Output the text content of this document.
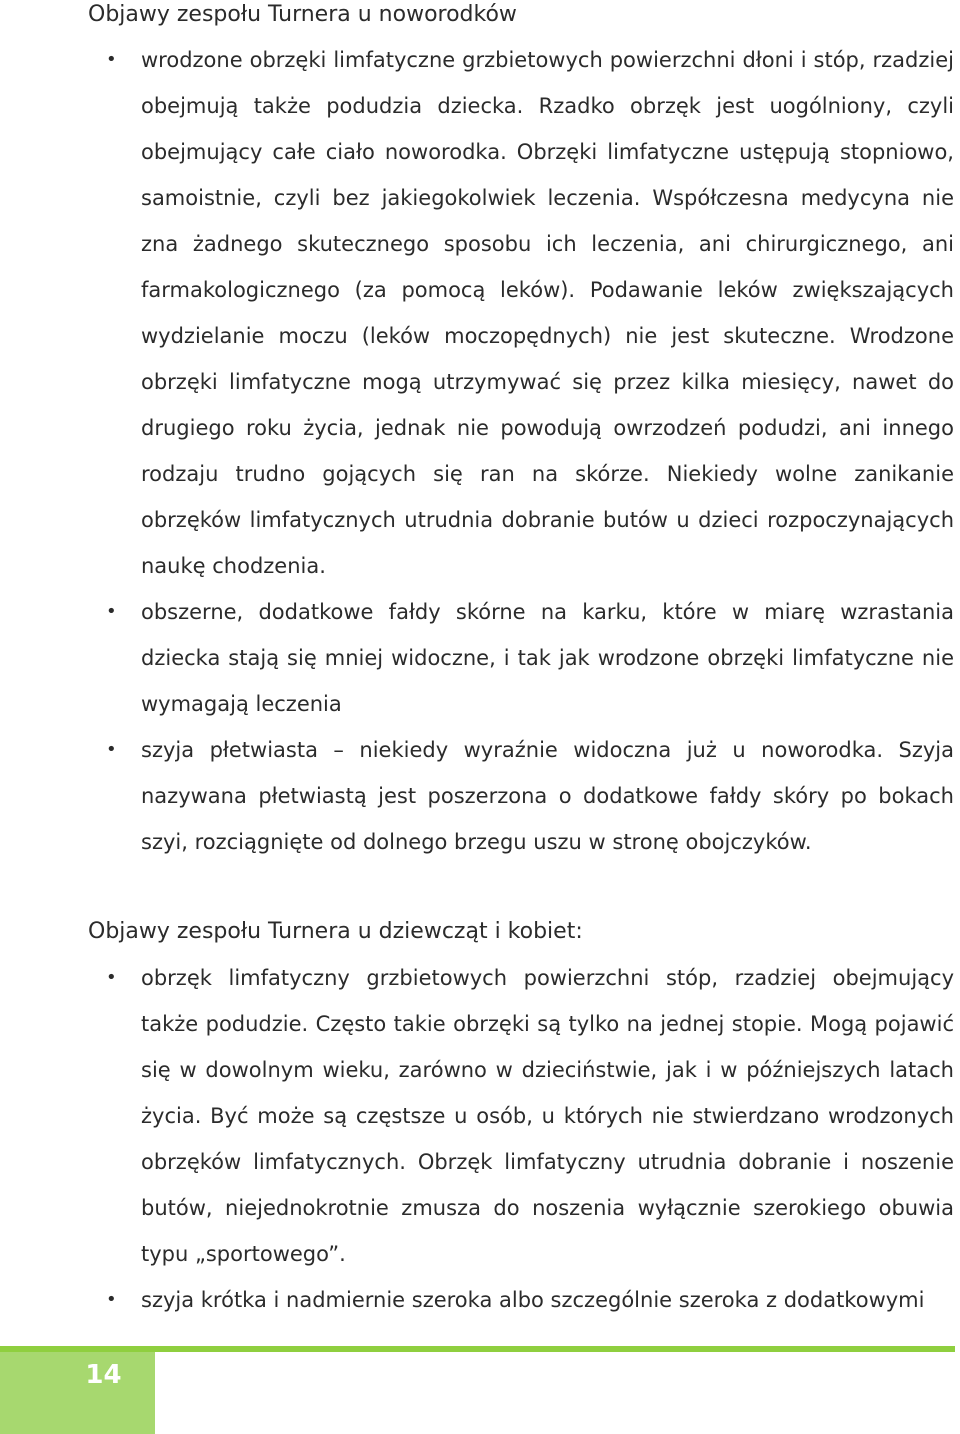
Objawy zespołu Turnera u noworodków
• wrodzone obrzęki limfatyczne grzbietowych powierzchni dłoni i stóp, rzadziej obejmują także podudzia dziecka. Rzadko obrzęk jest uogólniony, czyli obejmujący całe ciało noworodka. Obrzęki limfatyczne ustępują stopniowo, samoistnie, czyli bez jakiegokolwiek leczenia. Współczesna medycyna nie zna żadnego skutecznego sposobu ich leczenia, ani chirurgicznego, ani farmakologicznego (za pomocą leków). Podawanie leków zwiększających wydzielanie moczu (leków moczopędnych) nie jest skuteczne. Wrodzone obrzęki limfatyczne mogą utrzymywać się przez kilka miesięcy, nawet do drugiego roku życia, jednak nie powodują owrzodzeń podudzi, ani innego rodzaju trudno gojących się ran na skórze. Niekiedy wolne zanikanie obrzęków limfatycznych utrudnia dobranie butów u dzieci rozpoczynających naukę chodzenia.
• obszerne, dodatkowe fałdy skórne na karku, które w miarę wzrastania dziecka stają się mniej widoczne, i tak jak wrodzone obrzęki limfatyczne nie wymagają leczenia
• szyja płetwiasta – niekiedy wyraźnie widoczna już u noworodka. Szyja nazywana płetwiastą jest poszerzona o dodatkowe fałdy skóry po bokach szyi, rozciągnięte od dolnego brzegu uszu w stronę obojczyków.
Objawy zespołu Turnera u dziewcząt i kobiet:
• obrzęk limfatyczny grzbietowych powierzchni stóp, rzadziej obejmujący także podudzie. Często takie obrzęki są tylko na jednej stopie. Mogą pojawić się w dowolnym wieku, zarówno w dzieciństwie, jak i w późniejszych latach życia. Być może są częstsze u osób, u których nie stwierdzano wrodzonych obrzęków limfatycznych. Obrzęk limfatyczny utrudnia dobranie i noszenie butów, niejednokrotnie zmusza do noszenia wyłącznie szerokiego obuwia typu „sportowego”.
• szyja krótka i nadmiernie szeroka albo szczególnie szeroka z dodatkowymi
14
